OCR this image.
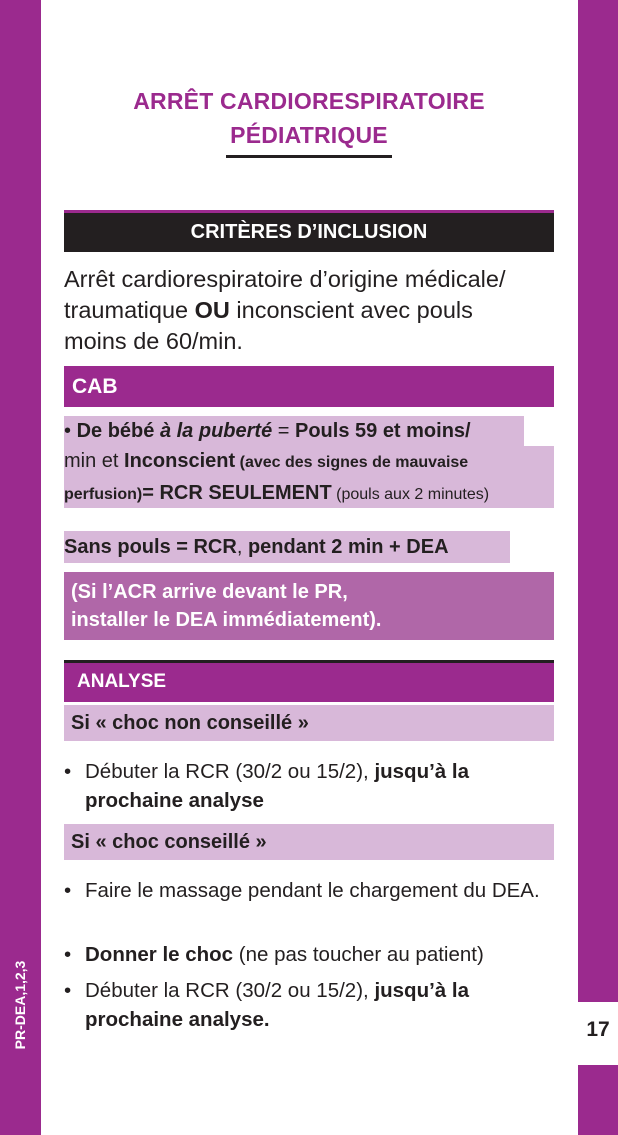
17
PR-DEA,1,2,3
ARRÊT CARDIORESPIRATOIRE
PÉDIATRIQUE
CRITÈRES D’INCLUSION
Arrêt cardiorespiratoire d’origine médicale/
traumatique OU inconscient avec pouls
moins de 60/min.
CAB
• De bébé à la puberté = Pouls 59 et moins/
min et Inconscient (avec des signes de mauvaise
perfusion)= RCR SEULEMENT (pouls aux 2 minutes)
Sans pouls = RCR, pendant 2 min + DEA
(Si l’ACR arrive devant le PR,
installer le DEA immédiatement).
ANALYSE
Si « choc non conseillé »
• Débuter la RCR (30/2 ou 15/2), jusqu’à la prochaine analyse
Si « choc conseillé »
• Faire le massage pendant le chargement du DEA.
• Donner le choc (ne pas toucher au patient)
• Débuter la RCR (30/2 ou 15/2), jusqu’à la prochaine analyse.
